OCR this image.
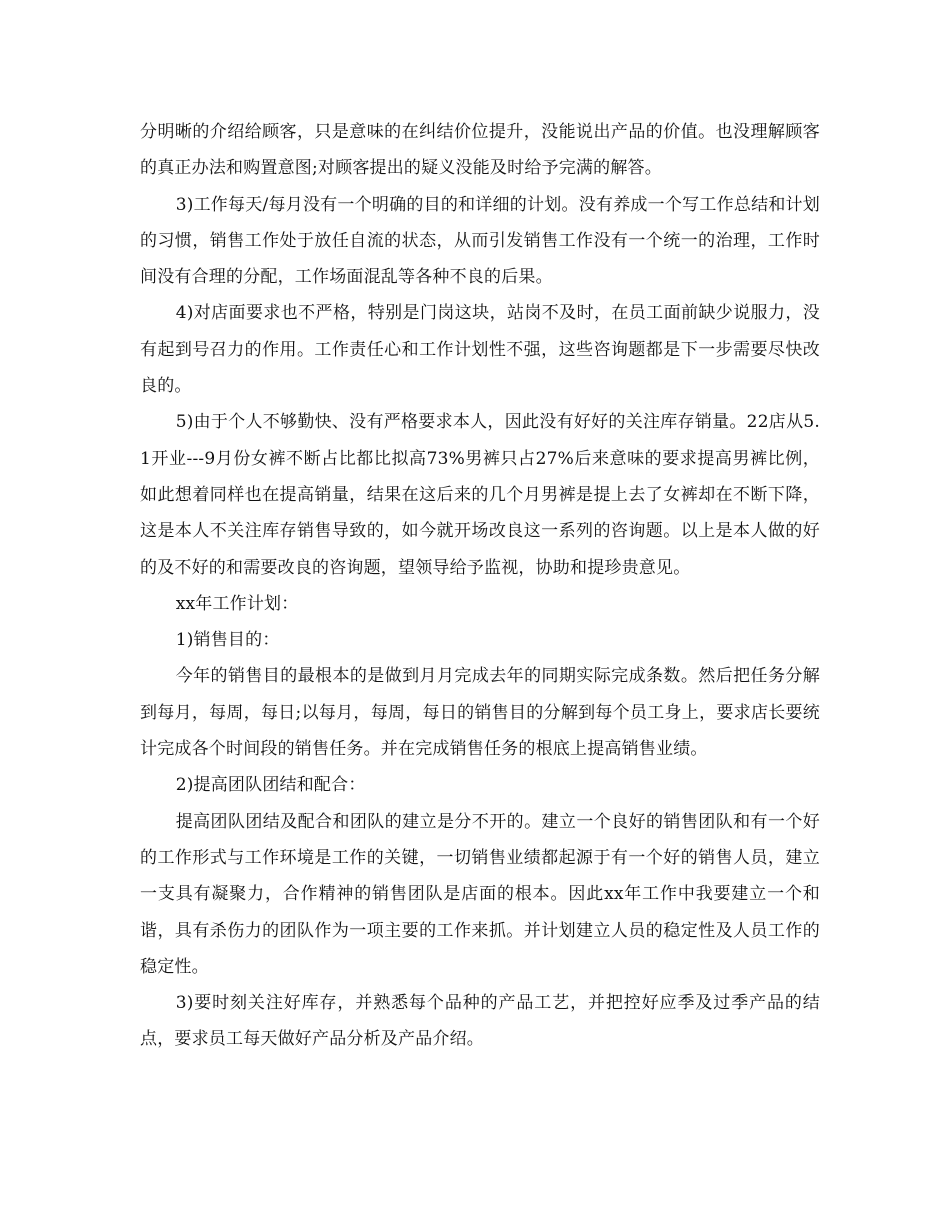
分明晰的介绍给顾客，只是意味的在纠结价位提升，没能说出产品的价值。也没理解顾客的真正办法和购置意图;对顾客提出的疑义没能及时给予完满的解答。

3)工作每天/每月没有一个明确的目的和详细的计划。没有养成一个写工作总结和计划的习惯，销售工作处于放任自流的状态，从而引发销售工作没有一个统一的治理，工作时间没有合理的分配，工作场面混乱等各种不良的后果。

4)对店面要求也不严格，特别是门岗这块，站岗不及时，在员工面前缺少说服力，没有起到号召力的作用。工作责任心和工作计划性不强，这些咨询题都是下一步需要尽快改良的。

5)由于个人不够勤快、没有严格要求本人，因此没有好好的关注库存销量。22店从5.1开业---9月份女裤不断占比都比拟高73%男裤只占27%后来意味的要求提高男裤比例，如此想着同样也在提高销量，结果在这后来的几个月男裤是提上去了女裤却在不断下降，这是本人不关注库存销售导致的，如今就开场改良这一系列的咨询题。以上是本人做的好的及不好的和需要改良的咨询题，望领导给予监视，协助和提珍贵意见。

xx年工作计划：

1)销售目的：

今年的销售目的最根本的是做到月月完成去年的同期实际完成条数。然后把任务分解到每月，每周，每日;以每月，每周，每日的销售目的分解到每个员工身上，要求店长要统计完成各个时间段的销售任务。并在完成销售任务的根底上提高销售业绩。

2)提高团队团结和配合：

提高团队团结及配合和团队的建立是分不开的。建立一个良好的销售团队和有一个好的工作形式与工作环境是工作的关键，一切销售业绩都起源于有一个好的销售人员，建立一支具有凝聚力，合作精神的销售团队是店面的根本。因此xx年工作中我要建立一个和谐，具有杀伤力的团队作为一项主要的工作来抓。并计划建立人员的稳定性及人员工作的稳定性。

3)要时刻关注好库存，并熟悉每个品种的产品工艺，并把控好应季及过季产品的结点，要求员工每天做好产品分析及产品介绍。
